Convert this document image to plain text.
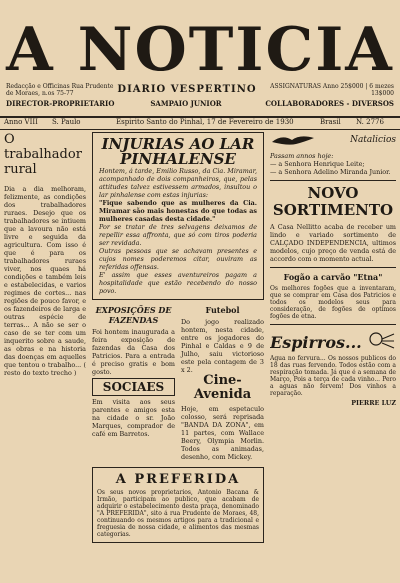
A NOTICIA
Redacção e Officinas Rua Prudente de Moraes, n.os 75-77	DIARIO VESPERTINO	ASSIGNATURAS Anno 25$000 | 6 mezes 13$000
DIRECTOR-PROPRIETARIO	SAMPAIO JUNIOR	COLLABORADORES - DIVERSOS
Anno VIII S. Paulo	Espirito Santo do Pinhal, 17 de Fevereiro de 1930	Brasil N. 2776
O trabalhador rural
Dia a dia melhoram, felizmente, as condições dos trabalhadores ruraes. Desejo que os trabalhadores se intiuem que a lavoura não está livre e seguida da agricultura. Com isso é que é para os trabalhadores ruraes viver, nos quaes há condições e também leis e estabelecidas, e varios regimes de cortes... nas regiões de pouco favor, e os fazendeiros de larga e outras espécie de terras... A não se ser o caso de se ter com um inquerito sobre a saude, as obras e na historia das doenças em aquelles que tentou o trabalho... ( resto do texto trecho )
INJURIAS AO LAR PINHALENSE
Hontem, á tarde, Emilio Russo, da Cia. Miramar, acompanhado de dois companheiros, que, pelas attitudes talvez estivessem armados, insultou o lar pinhalense com estas injurias:
"Fique sabendo que as mulheres da Cia. Miramar são mais honestas do que todas as mulheres casadas desta cidade."
Por se tratar de tres selvagens deixamos de repellir essa affronta, que só com tiros poderia ser revidada.
Outras pessoas que se achavam presentes e cujos nomes poderemos citar, ouviram as referidas offensas.
E' assim que esses aventureiros pagam a hospitalidade que estão recebendo do nosso povo.
EXPOSIÇÕES DE FAZENDAS
Foi hontem inaugurada a feira exposição de fazendas da Casa dos Patricios. Para a entrada é preciso gratis e bom gosto.
SOCIAES
Em visita aos seus parentes e amigos esta na cidade o sr. João Marques, comprador de café em Barretos.
Futebol
Do jogo realizado hontem, nesta cidade, entre os jogadores do Pinhal e Caldas e 9 de Julho, saiu victorioso este pela contagem de 3 x 2.
Cine-Avenida
Hoje, em espetaculo colosso, será reprisada "BANDA DA ZONA", em 11 partes, com Wallace Beery, Olympia Morlin. Todos as animadas, desenho, com Mickey.
A PREFERIDA
Os seus novos proprietarios, Antonio Bacana & Irmão, participam ao publico, que acabam de adquirir o estabelecimento desta praça, denominado "A PREFERIDA", sito á rua Prudente de Moraes, 48, continuando os mesmos artigos para a tradicional e freguesia de nossa cidade, e alimentos das mesmas categorias.
Natalicios
Passam annos hoje:
— a Senhora Henrique Leite;
— a Senhora Adelino Miranda Junior.
NOVO SORTIMENTO
A Casa Nellitto acaba de receber um lindo e variado sortimento de CALÇADO INDEPENDENCIA, ultimos modelos, cujo preço de venda está de accordo com o momento actual.
Fogão a carvão "Etna"
Os melhores fogões que a inventaram, que se comprar em Casa dos Patricios e todos os modelos seus para consideração, de fogões de optimos fogões de etna.
Espirros...
Agua no fervura... Os nossos publicos do 18 das ruas fervendo. Todos estão com a respiração tomada. Já que é a semana de Março, Pois a terça de cada vinho... Pero a aguas não fervem! Dos vinhos a reparação.
PIERRE LUZ
